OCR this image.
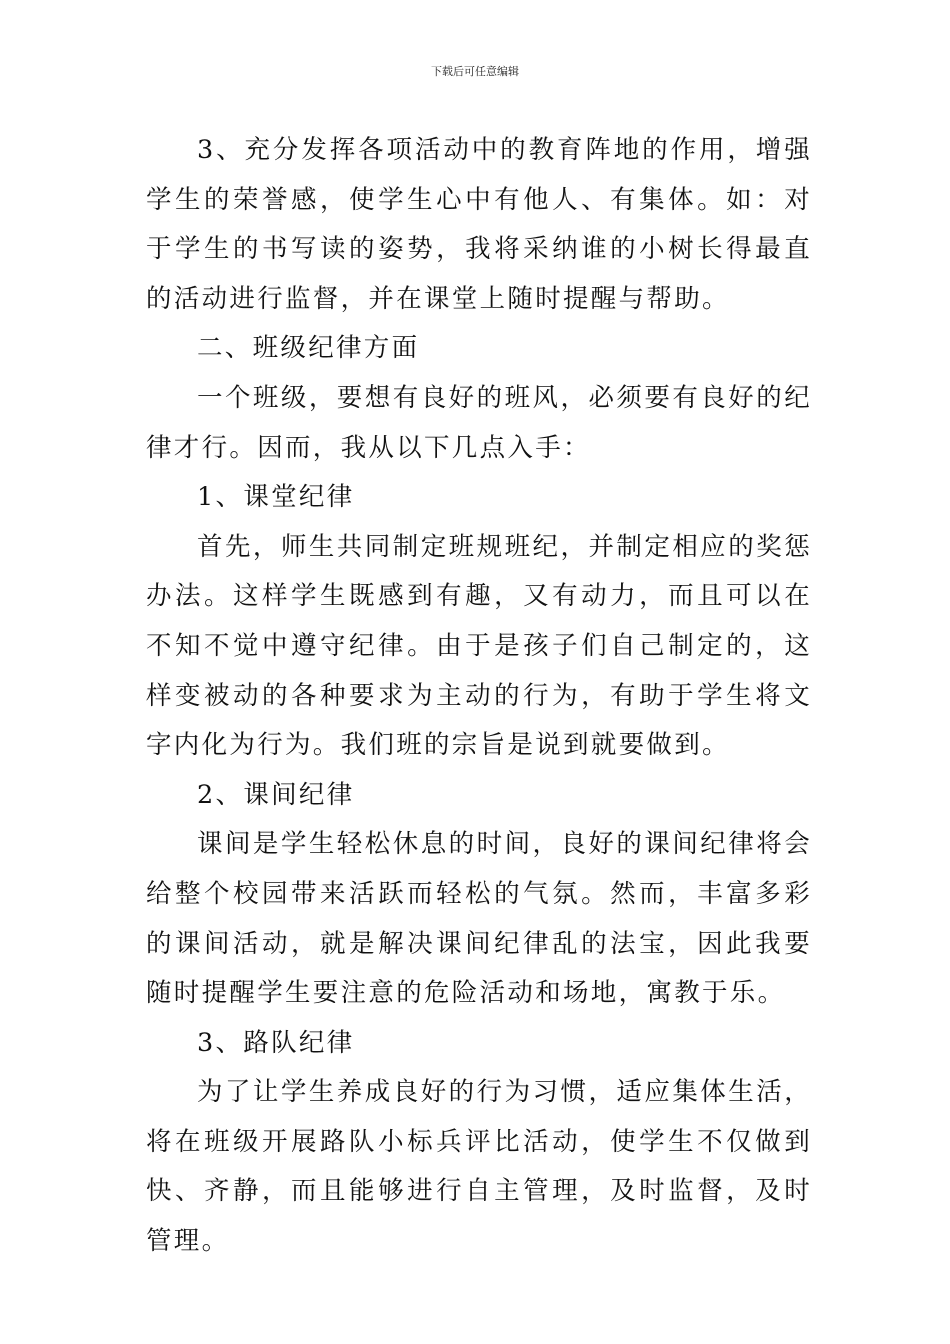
下载后可任意编辑

3、充分发挥各项活动中的教育阵地的作用，增强学生的荣誉感，使学生心中有他人、有集体。如：对于学生的书写读的姿势，我将采纳谁的小树长得最直的活动进行监督，并在课堂上随时提醒与帮助。

二、班级纪律方面

一个班级，要想有良好的班风，必须要有良好的纪律才行。因而，我从以下几点入手：

1、课堂纪律

首先，师生共同制定班规班纪，并制定相应的奖惩办法。这样学生既感到有趣，又有动力，而且可以在不知不觉中遵守纪律。由于是孩子们自己制定的，这样变被动的各种要求为主动的行为，有助于学生将文字内化为行为。我们班的宗旨是说到就要做到。

2、课间纪律

课间是学生轻松休息的时间，良好的课间纪律将会给整个校园带来活跃而轻松的气氛。然而，丰富多彩的课间活动，就是解决课间纪律乱的法宝，因此我要随时提醒学生要注意的危险活动和场地，寓教于乐。

3、路队纪律

为了让学生养成良好的行为习惯，适应集体生活，将在班级开展路队小标兵评比活动，使学生不仅做到快、齐静，而且能够进行自主管理，及时监督，及时管理。
